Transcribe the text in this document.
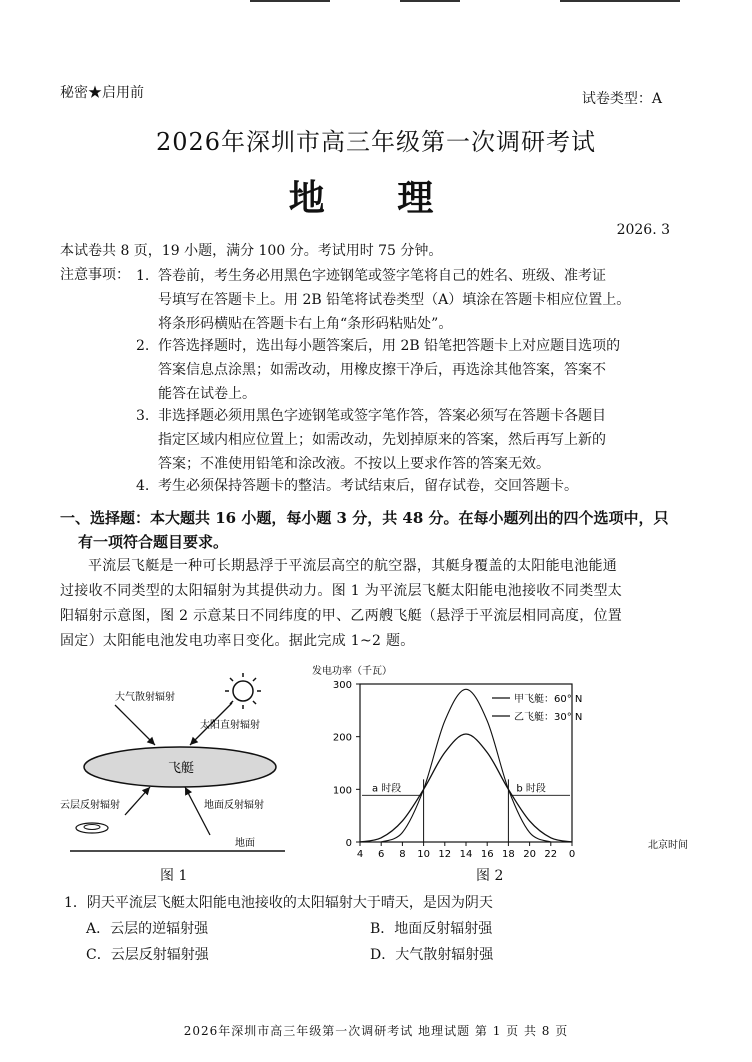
秘密★启用前	试卷类型：A
2026年深圳市高三年级第一次调研考试
地 理
2026. 3
本试卷共 8 页，19 小题，满分 100 分。考试用时 75 分钟。
注意事项： 1. 答卷前，考生务必用黑色字迹钢笔或签字笔将自己的姓名、班级、准考证
号填写在答题卡上。用 2B 铅笔将试卷类型（A）填涂在答题卡相应位置上。
将条形码横贴在答题卡右上角“条形码粘贴处”。
2. 作答选择题时，选出每小题答案后，用 2B 铅笔把答题卡上对应题目选项的
答案信息点涂黑；如需改动，用橡皮擦干净后，再选涂其他答案，答案不
能答在试卷上。
3. 非选择题必须用黑色字迹钢笔或签字笔作答，答案必须写在答题卡各题目
指定区域内相应位置上；如需改动，先划掉原来的答案，然后再写上新的
答案；不准使用铅笔和涂改液。不按以上要求作答的答案无效。
4. 考生必须保持答题卡的整洁。考试结束后，留存试卷，交回答题卡。
一、选择题：本大题共 16 小题，每小题 3 分，共 48 分。在每小题列出的四个选项中，只
有一项符合题目要求。
平流层飞艇是一种可长期悬浮于平流层高空的航空器，其艇身覆盖的太阳能电池能通
过接收不同类型的太阳辐射为其提供动力。图 1 为平流层飞艇太阳能电池接收不同类型太
阳辐射示意图，图 2 示意某日不同纬度的甲、乙两艘飞艇（悬浮于平流层相同高度，位置
固定）太阳能电池发电功率日变化。据此完成 1~2 题。
飞艇
大气散射辐射
太阳直射辐射
云层反射辐射	地面反射辐射
地面
图 1
发电功率（千瓦）
北京时间
0
100
200
300
4 6 8 10 12 14 16 18 20 22 0
a 时段	b 时段
甲飞艇：60° N
乙飞艇：30° N
图 2
1．阴天平流层飞艇太阳能电池接收的太阳辐射大于晴天，是因为阴天
A．云层的逆辐射强	B．地面反射辐射强
C．云层反射辐射强	D．大气散射辐射强
2026年深圳市高三年级第一次调研考试 地理试题 第 1 页 共 8 页
